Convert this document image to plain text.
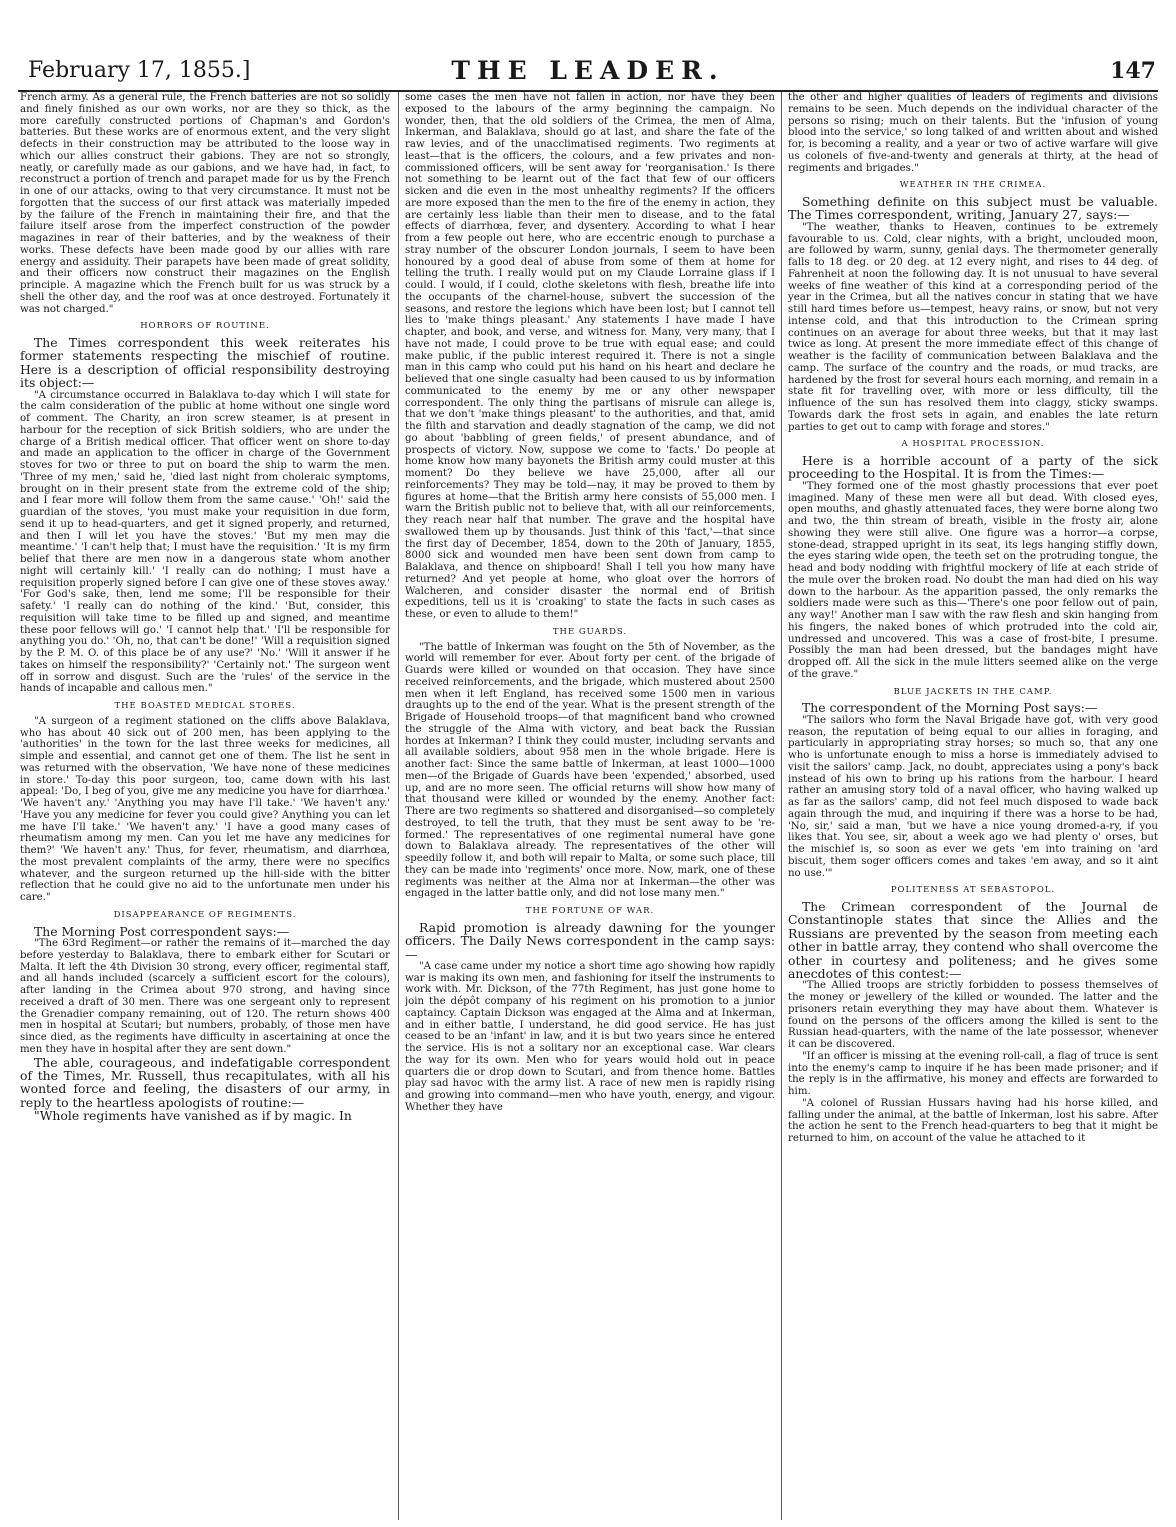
February 17, 1855.]	THE LEADER.	147

French army. As a general rule, the French batteries are not so solidly and finely finished as our own works, nor are they so thick, as the more carefully constructed portions of Chapman's and Gordon's batteries. But these works are of enormous extent, and the very slight defects in their construction may be attributed to the loose way in which our allies construct their gabions. They are not so strongly, neatly, or carefully made as our gabions, and we have had, in fact, to reconstruct a portion of trench and parapet made for us by the French in one of our attacks, owing to that very circumstance. It must not be forgotten that the success of our first attack was materially impeded by the failure of the French in maintaining their fire, and that the failure itself arose from the imperfect construction of the powder magazines in rear of their batteries, and by the weakness of their works. These defects have been made good by our allies with rare energy and assiduity. Their parapets have been made of great solidity, and their officers now construct their magazines on the English principle. A magazine which the French built for us was struck by a shell the other day, and the roof was at once destroyed. Fortunately it was not charged."

HORRORS OF ROUTINE.

The Times correspondent this week reiterates his former statements respecting the mischief of routine. Here is a description of official responsibility destroying its object:—

"A circumstance occurred in Balaklava to-day which I will state for the calm consideration of the public at home without one single word of comment. The Charity, an iron screw steamer, is at present in harbour for the reception of sick British soldiers, who are under the charge of a British medical officer. That officer went on shore to-day and made an application to the officer in charge of the Government stoves for two or three to put on board the ship to warm the men. 'Three of my men,' said he, 'died last night from choleraic symptoms, brought on in their present state from the extreme cold of the ship; and I fear more will follow them from the same cause.' 'Oh!' said the guardian of the stoves, 'you must make your requisition in due form, send it up to head-quarters, and get it signed properly, and returned, and then I will let you have the stoves.' 'But my men may die meantime.' 'I can't help that; I must have the requisition.' 'It is my firm belief that there are men now in a dangerous state whom another night will certainly kill.' 'I really can do nothing; I must have a requisition properly signed before I can give one of these stoves away.' 'For God's sake, then, lend me some; I'll be responsible for their safety.' 'I really can do nothing of the kind.' 'But, consider, this requisition will take time to be filled up and signed, and meantime these poor fellows will go.' 'I cannot help that.' 'I'll be responsible for anything you do.' 'Oh, no, that can't be done!' 'Will a requisition signed by the P. M. O. of this place be of any use?' 'No.' 'Will it answer if he takes on himself the responsibility?' 'Certainly not.' The surgeon went off in sorrow and disgust. Such are the 'rules' of the service in the hands of incapable and callous men."

THE BOASTED MEDICAL STORES.

"A surgeon of a regiment stationed on the cliffs above Balaklava, who has about 40 sick out of 200 men, has been applying to the 'authorities' in the town for the last three weeks for medicines, all simple and essential, and cannot get one of them. The list he sent in was returned with the observation, 'We have none of these medicines in store.' To-day this poor surgeon, too, came down with his last appeal: 'Do, I beg of you, give me any medicine you have for diarrhœa.' 'We haven't any.' 'Anything you may have I'll take.' 'We haven't any.' 'Have you any medicine for fever you could give? Anything you can let me have I'll take.' 'We haven't any.' 'I have a good many cases of rheumatism among my men. Can you let me have any medicines for them?' 'We haven't any.' Thus, for fever, rheumatism, and diarrhœa, the most prevalent complaints of the army, there were no specifics whatever, and the surgeon returned up the hill-side with the bitter reflection that he could give no aid to the unfortunate men under his care."

DISAPPEARANCE OF REGIMENTS.

The Morning Post correspondent says:—

"The 63rd Regiment—or rather the remains of it—marched the day before yesterday to Balaklava, there to embark either for Scutari or Malta. It left the 4th Division 30 strong, every officer, regimental staff, and all hands included (scarcely a sufficient escort for the colours), after landing in the Crimea about 970 strong, and having since received a draft of 30 men. There was one sergeant only to represent the Grenadier company remaining, out of 120. The return shows 400 men in hospital at Scutari; but numbers, probably, of those men have since died, as the regiments have difficulty in ascertaining at once the men they have in hospital after they are sent down."

The able, courageous, and indefatigable correspondent of the Times, Mr. Russell, thus recapitulates, with all his wonted force and feeling, the disasters of our army, in reply to the heartless apologists of routine:—

"Whole regiments have vanished as if by magic. In

some cases the men have not fallen in action, nor have they been exposed to the labours of the army beginning the campaign. No wonder, then, that the old soldiers of the Crimea, the men of Alma, Inkerman, and Balaklava, should go at last, and share the fate of the raw levies, and of the unacclimatised regiments. Two regiments at least—that is the officers, the colours, and a few privates and non-commissioned officers, will be sent away for 'reorganisation.' Is there not something to be learnt out of the fact that few of our officers sicken and die even in the most unhealthy regiments? If the officers are more exposed than the men to the fire of the enemy in action, they are certainly less liable than their men to disease, and to the fatal effects of diarrhœa, fever, and dysentery. According to what I hear from a few people out here, who are eccentric enough to purchase a stray number of the obscurer London journals, I seem to have been honoured by a good deal of abuse from some of them at home for telling the truth. I really would put on my Claude Lorraine glass if I could. I would, if I could, clothe skeletons with flesh, breathe life into the occupants of the charnel-house, subvert the succession of the seasons, and restore the legions which have been lost; but I cannot tell lies to 'make things pleasant.' Any statements I have made I have chapter, and book, and verse, and witness for. Many, very many, that I have not made, I could prove to be true with equal ease; and could make public, if the public interest required it. There is not a single man in this camp who could put his hand on his heart and declare he believed that one single casualty had been caused to us by information communicated to the enemy by me or any other newspaper correspondent. The only thing the partisans of misrule can allege is, that we don't 'make things pleasant' to the authorities, and that, amid the filth and starvation and deadly stagnation of the camp, we did not go about 'babbling of green fields,' of present abundance, and of prospects of victory. Now, suppose we come to 'facts.' Do people at home know how many bayonets the British army could muster at this moment? Do they believe we have 25,000, after all our reinforcements? They may be told—nay, it may be proved to them by figures at home—that the British army here consists of 55,000 men. I warn the British public not to believe that, with all our reinforcements, they reach near half that number. The grave and the hospital have swallowed them up by thousands. Just think of this 'fact,'—that since the first day of December, 1854, down to the 20th of January, 1855, 8000 sick and wounded men have been sent down from camp to Balaklava, and thence on shipboard! Shall I tell you how many have returned? And yet people at home, who gloat over the horrors of Walcheren, and consider disaster the normal end of British expeditions, tell us it is 'croaking' to state the facts in such cases as these, or even to allude to them!"

THE GUARDS.

"The battle of Inkerman was fought on the 5th of November, as the world will remember for ever. About forty per cent. of the brigade of Guards were killed or wounded on that occasion. They have since received reinforcements, and the brigade, which mustered about 2500 men when it left England, has received some 1500 men in various draughts up to the end of the year. What is the present strength of the Brigade of Household troops—of that magnificent band who crowned the struggle of the Alma with victory, and beat back the Russian hordes at Inkerman? I think they could muster, including servants and all available soldiers, about 958 men in the whole brigade. Here is another fact: Since the same battle of Inkerman, at least 1000—1000 men—of the Brigade of Guards have been 'expended,' absorbed, used up, and are no more seen. The official returns will show how many of that thousand were killed or wounded by the enemy. Another fact: There are two regiments so shattered and disorganised—so completely destroyed, to tell the truth, that they must be sent away to be 're-formed.' The representatives of one regimental numeral have gone down to Balaklava already. The representatives of the other will speedily follow it, and both will repair to Malta, or some such place, till they can be made into 'regiments' once more. Now, mark, one of these regiments was neither at the Alma nor at Inkerman—the other was engaged in the latter battle only, and did not lose many men."

THE FORTUNE OF WAR.

Rapid promotion is already dawning for the younger officers. The Daily News correspondent in the camp says:—

"A case came under my notice a short time ago showing how rapidly war is making its own men, and fashioning for itself the instruments to work with. Mr. Dickson, of the 77th Regiment, has just gone home to join the dépôt company of his regiment on his promotion to a junior captaincy. Captain Dickson was engaged at the Alma and at Inkerman, and in either battle, I understand, he did good service. He has just ceased to be an 'infant' in law, and it is but two years since he entered the service. His is not a solitary nor an exceptional case. War clears the way for its own. Men who for years would hold out in peace quarters die or drop down to Scutari, and from thence home. Battles play sad havoc with the army list. A race of new men is rapidly rising and growing into command—men who have youth, energy, and vigour. Whether they have

the other and higher qualities of leaders of regiments and divisions remains to be seen. Much depends on the individual character of the persons so rising; much on their talents. But the 'infusion of young blood into the service,' so long talked of and written about and wished for, is becoming a reality, and a year or two of active warfare will give us colonels of five-and-twenty and generals at thirty, at the head of regiments and brigades."

WEATHER IN THE CRIMEA.

Something definite on this subject must be valuable. The Times correspondent, writing, January 27, says:—

"The weather, thanks to Heaven, continues to be extremely favourable to us. Cold, clear nights, with a bright, unclouded moon, are followed by warm, sunny, genial days. The thermometer generally falls to 18 deg. or 20 deg. at 12 every night, and rises to 44 deg. of Fahrenheit at noon the following day. It is not unusual to have several weeks of fine weather of this kind at a corresponding period of the year in the Crimea, but all the natives concur in stating that we have still hard times before us—tempest, heavy rains, or snow, but not very intense cold, and that this introduction to the Crimean spring continues on an average for about three weeks, but that it may last twice as long. At present the more immediate effect of this change of weather is the facility of communication between Balaklava and the camp. The surface of the country and the roads, or mud tracks, are hardened by the frost for several hours each morning, and remain in a state fit for travelling over, with more or less difficulty, till the influence of the sun has resolved them into claggy, sticky swamps. Towards dark the frost sets in again, and enables the late return parties to get out to camp with forage and stores."

A HOSPITAL PROCESSION.

Here is a horrible account of a party of the sick proceeding to the Hospital. It is from the Times:—

"They formed one of the most ghastly processions that ever poet imagined. Many of these men were all but dead. With closed eyes, open mouths, and ghastly attenuated faces, they were borne along two and two, the thin stream of breath, visible in the frosty air, alone showing they were still alive. One figure was a horror—a corpse, stone-dead, strapped upright in its seat, its legs hanging stiffly down, the eyes staring wide open, the teeth set on the protruding tongue, the head and body nodding with frightful mockery of life at each stride of the mule over the broken road. No doubt the man had died on his way down to the harbour. As the apparition passed, the only remarks the soldiers made were such as this—'There's one poor fellow out of pain, any way!' Another man I saw with the raw flesh and skin hanging from his fingers, the naked bones of which protruded into the cold air, undressed and uncovered. This was a case of frost-bite, I presume. Possibly the man had been dressed, but the bandages might have dropped off. All the sick in the mule litters seemed alike on the verge of the grave."

BLUE JACKETS IN THE CAMP.

The correspondent of the Morning Post says:—

"The sailors who form the Naval Brigade have got, with very good reason, the reputation of being equal to our allies in foraging, and particularly in appropriating stray horses; so much so, that any one who is unfortunate enough to miss a horse is immediately advised to visit the sailors' camp. Jack, no doubt, appreciates using a pony's back instead of his own to bring up his rations from the harbour. I heard rather an amusing story told of a naval officer, who having walked up as far as the sailors' camp, did not feel much disposed to wade back again through the mud, and inquiring if there was a horse to be had, 'No, sir,' said a man, 'but we have a nice young dromed-a-ry, if you likes that. You see, sir, about a week ago we had plenty o' orses, but the mischief is, so soon as ever we gets 'em into training on 'ard biscuit, them soger officers comes and takes 'em away, and so it aint no use.'"

POLITENESS AT SEBASTOPOL.

The Crimean correspondent of the Journal de Constantinople states that since the Allies and the Russians are prevented by the season from meeting each other in battle array, they contend who shall overcome the other in courtesy and politeness; and he gives some anecdotes of this contest:—

"The Allied troops are strictly forbidden to possess themselves of the money or jewellery of the killed or wounded. The latter and the prisoners retain everything they may have about them. Whatever is found on the persons of the officers among the killed is sent to the Russian head-quarters, with the name of the late possessor, whenever it can be discovered.

"If an officer is missing at the evening roll-call, a flag of truce is sent into the enemy's camp to inquire if he has been made prisoner; and if the reply is in the affirmative, his money and effects are forwarded to him.

"A colonel of Russian Hussars having had his horse killed, and falling under the animal, at the battle of Inkerman, lost his sabre. After the action he sent to the French head-quarters to beg that it might be returned to him, on account of the value he attached to it
